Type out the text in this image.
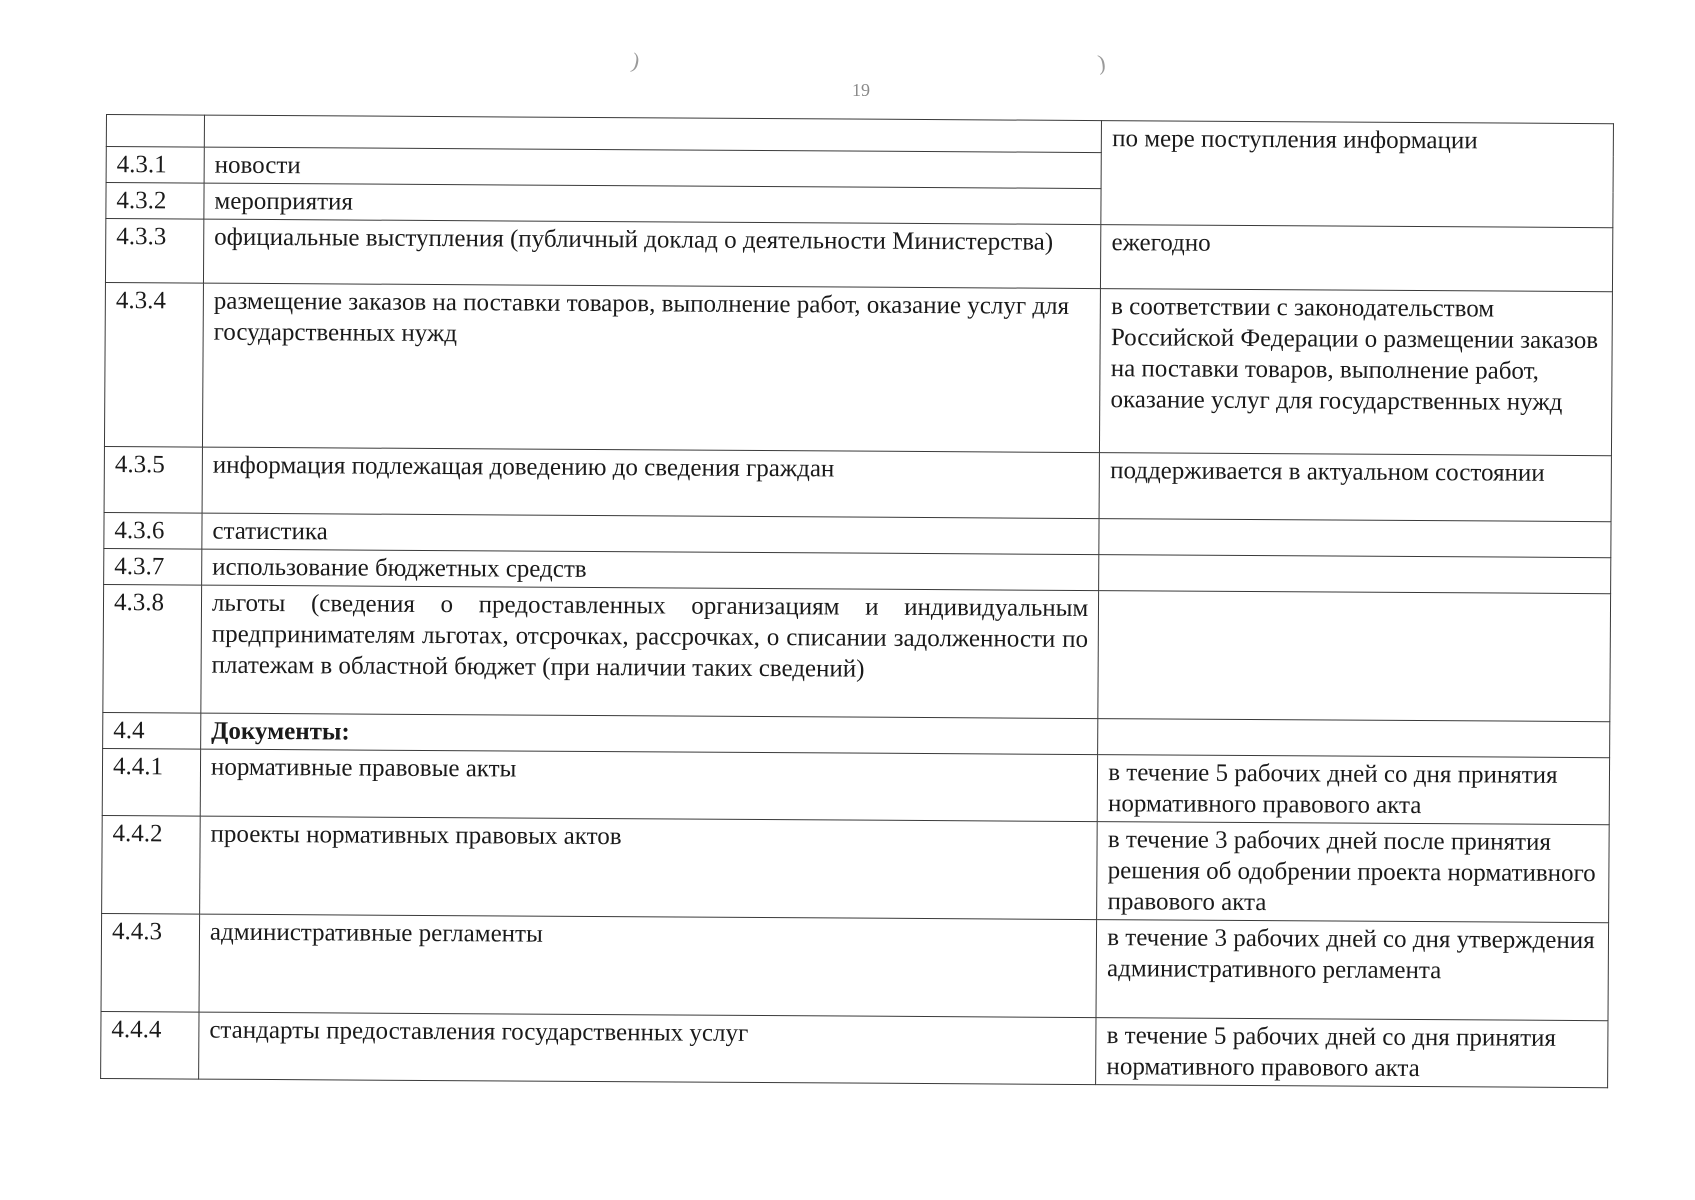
)	)
19
		по мере поступления информации
4.3.1	новости	
4.3.2	мероприятия	
4.3.3	официальные выступления (публичный доклад о деятельности Министерства)	ежегодно
4.3.4	размещение заказов на поставки товаров, выполнение работ, оказание услуг для государственных нужд	в соответствии с законодательством Российской Федерации о размещении заказов на поставки товаров, выполнение работ, оказание услуг для государственных нужд
4.3.5	информация подлежащая доведению до сведения граждан	поддерживается в актуальном состоянии
4.3.6	статистика	
4.3.7	использование бюджетных средств	
4.3.8	льготы (сведения о предоставленных организациям и индивидуальным предпринимателям льготах, отсрочках, рассрочках, о списании задолженности по платежам в областной бюджет (при наличии таких сведений)	
4.4	Документы:	
4.4.1	нормативные правовые акты	в течение 5 рабочих дней со дня принятия нормативного правового акта
4.4.2	проекты нормативных правовых актов	в течение 3 рабочих дней после принятия решения об одобрении проекта нормативного правового акта
4.4.3	административные регламенты	в течение 3 рабочих дней со дня утверждения административного регламента
4.4.4	стандарты предоставления государственных услуг	в течение 5 рабочих дней со дня принятия нормативного правового акта
